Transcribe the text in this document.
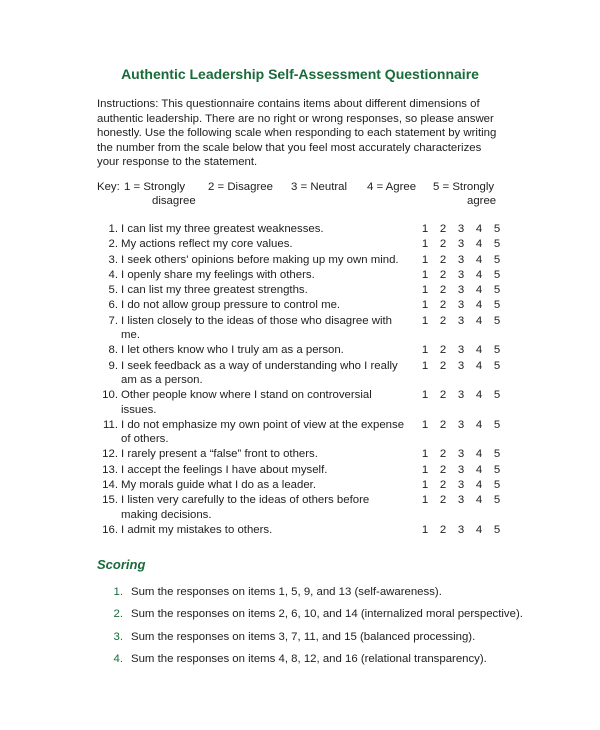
Authentic Leadership Self-Assessment Questionnaire
Instructions: This questionnaire contains items about different dimensions of authentic leadership. There are no right or wrong responses, so please answer honestly. Use the following scale when responding to each statement by writing the number from the scale below that you feel most accurately characterizes your response to the statement.
Key: 1 = Strongly
disagree
2 = Disagree 3 = Neutral 4 = Agree 5 = Strongly
agree
1. I can list my three greatest weaknesses.	1 2 3 4 5
2. My actions reflect my core values.	1 2 3 4 5
3. I seek others' opinions before making up my own mind.	1 2 3 4 5
4. I openly share my feelings with others.	1 2 3 4 5
5. I can list my three greatest strengths.	1 2 3 4 5
6. I do not allow group pressure to control me.	1 2 3 4 5
7. I listen closely to the ideas of those who disagree with me.
1 2 3 4 5
8. I let others know who I truly am as a person.	1 2 3 4 5
9. I seek feedback as a way of understanding who I really am as a person.
1 2 3 4 5
10. Other people know where I stand on controversial issues.
1 2 3 4 5
11. I do not emphasize my own point of view at the expense of others.
1 2 3 4 5
12. I rarely present a “false” front to others.	1 2 3 4 5
13. I accept the feelings I have about myself.	1 2 3 4 5
14. My morals guide what I do as a leader.	1 2 3 4 5
15. I listen very carefully to the ideas of others before making decisions.
1 2 3 4 5
16. I admit my mistakes to others.	1 2 3 4 5
Scoring
1. Sum the responses on items 1, 5, 9, and 13 (self-awareness).
2. Sum the responses on items 2, 6, 10, and 14 (internalized moral perspective).
3. Sum the responses on items 3, 7, 11, and 15 (balanced processing).
4. Sum the responses on items 4, 8, 12, and 16 (relational transparency).
